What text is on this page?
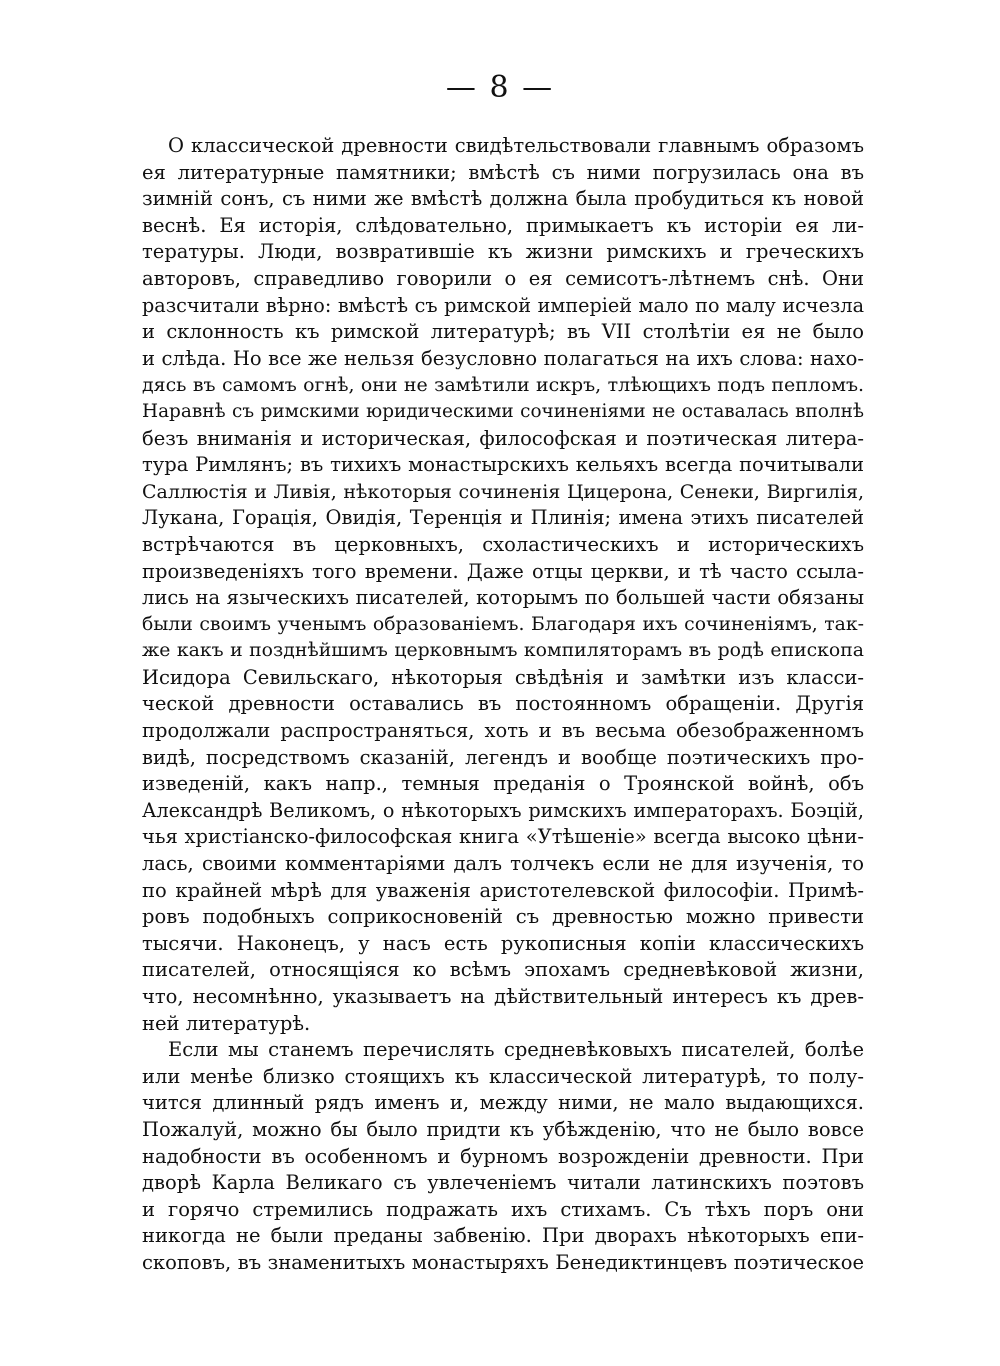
— 8 —
О классической древности свидѣтельствовали главнымъ образомъ
ея литературные памятники; вмѣстѣ съ ними погрузилась она въ
зимній сонъ, съ ними же вмѣстѣ должна была пробудиться къ новой
веснѣ. Ея исторія, слѣдовательно, примыкаетъ къ исторіи ея ли-
тературы. Люди, возвратившіе къ жизни римскихъ и греческихъ
авторовъ, справедливо говорили о ея семисотъ-лѣтнемъ снѣ. Они
разсчитали вѣрно: вмѣстѣ съ римской имперіей мало по малу исчезла
и склонность къ римской литературѣ; въ VII столѣтіи ея не было
и слѣда. Но все же нельзя безусловно полагаться на ихъ слова: нахо-
дясь въ самомъ огнѣ, они не замѣтили искръ, тлѣющихъ подъ пепломъ.
Наравнѣ съ римскими юридическими сочиненіями не оставалась вполнѣ
безъ вниманія и историческая, философская и поэтическая литера-
тура Римлянъ; въ тихихъ монастырскихъ кельяхъ всегда почитывали
Саллюстія и Ливія, нѣкоторыя сочиненія Цицерона, Сенеки, Виргилія,
Лукана, Горація, Овидія, Теренція и Плинія; имена этихъ писателей
встрѣчаются въ церковныхъ, схоластическихъ и историческихъ
произведеніяхъ того времени. Даже отцы церкви, и тѣ часто ссыла-
лись на языческихъ писателей, которымъ по большей части обязаны
были своимъ ученымъ образованіемъ. Благодаря ихъ сочиненіямъ, так-
же какъ и позднѣйшимъ церковнымъ компиляторамъ въ родѣ епископа
Исидора Севильскаго, нѣкоторыя свѣдѣнія и замѣтки изъ класси-
ческой древности оставались въ постоянномъ обращеніи. Другія
продолжали распространяться, хоть и въ весьма обезображенномъ
видѣ, посредствомъ сказаній, легендъ и вообще поэтическихъ про-
изведеній, какъ напр., темныя преданія о Троянской войнѣ, объ
Александрѣ Великомъ, о нѣкоторыхъ римскихъ императорахъ. Боэцій,
чья христіанско-философская книга «Утѣшеніе» всегда высоко цѣни-
лась, своими комментаріями далъ толчекъ если не для изученія, то
по крайней мѣрѣ для уваженія аристотелевской философіи. Примѣ-
ровъ подобныхъ соприкосновеній съ древностью можно привести
тысячи. Наконецъ, у насъ есть рукописныя копіи классическихъ
писателей, относящіяся ко всѣмъ эпохамъ средневѣковой жизни,
что, несомнѣнно, указываетъ на дѣйствительный интересъ къ древ-
ней литературѣ.
Если мы станемъ перечислять средневѣковыхъ писателей, болѣе
или менѣе близко стоящихъ къ классической литературѣ, то полу-
чится длинный рядъ именъ и, между ними, не мало выдающихся.
Пожалуй, можно бы было придти къ убѣжденію, что не было вовсе
надобности въ особенномъ и бурномъ возрожденіи древности. При
дворѣ Карла Великаго съ увлеченіемъ читали латинскихъ поэтовъ
и горячо стремились подражать ихъ стихамъ. Съ тѣхъ поръ они
никогда не были преданы забвенію. При дворахъ нѣкоторыхъ епи-
скоповъ, въ знаменитыхъ монастыряхъ Бенедиктинцевъ поэтическое
